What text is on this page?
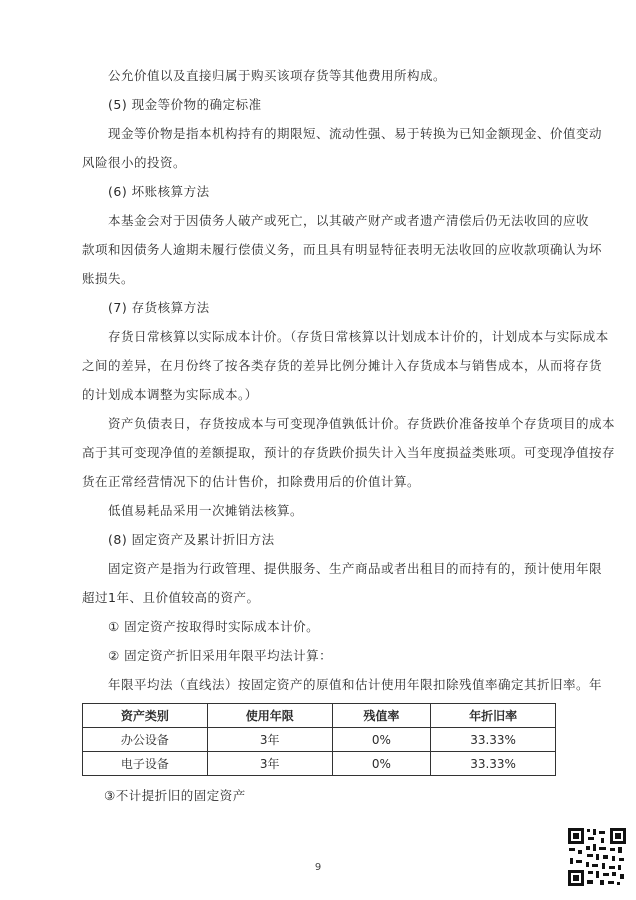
公允价值以及直接归属于购买该项存货等其他费用所构成。
(5) 现金等价物的确定标准
现金等价物是指本机构持有的期限短、流动性强、易于转换为已知金额现金、价值变动
风险很小的投资。
(6) 坏账核算方法
本基金会对于因债务人破产或死亡，以其破产财产或者遗产清偿后仍无法收回的应收
款项和因债务人逾期未履行偿债义务，而且具有明显特征表明无法收回的应收款项确认为坏
账损失。
(7) 存货核算方法
存货日常核算以实际成本计价。（存货日常核算以计划成本计价的，计划成本与实际成本
之间的差异，在月份终了按各类存货的差异比例分摊计入存货成本与销售成本，从而将存货
的计划成本调整为实际成本。）
资产负债表日，存货按成本与可变现净值孰低计价。存货跌价准备按单个存货项目的成本
高于其可变现净值的差额提取，预计的存货跌价损失计入当年度损益类账项。可变现净值按存
货在正常经营情况下的估计售价，扣除费用后的价值计算。
低值易耗品采用一次摊销法核算。
(8) 固定资产及累计折旧方法
固定资产是指为行政管理、提供服务、生产商品或者出租目的而持有的，预计使用年限
超过1年、且价值较高的资产。
① 固定资产按取得时实际成本计价。
② 固定资产折旧采用年限平均法计算：
年限平均法（直线法）按固定资产的原值和估计使用年限扣除残值率确定其折旧率。年
资产类别	使用年限	残值率	年折旧率
办公设备	3年	0%	33.33%
电子设备	3年	0%	33.33%
③不计提折旧的固定资产
9
